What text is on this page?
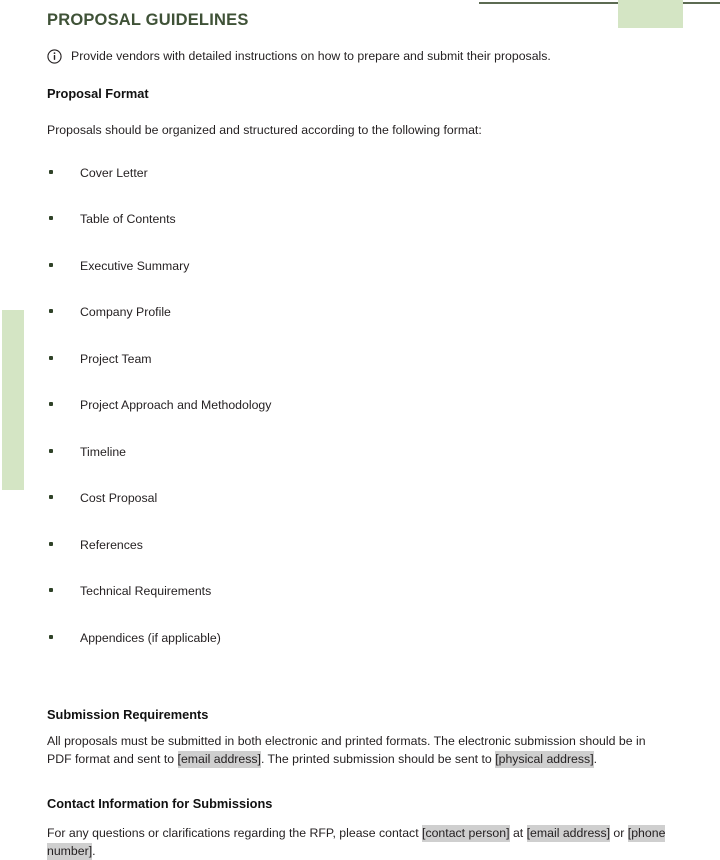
PROPOSAL GUIDELINES
Provide vendors with detailed instructions on how to prepare and submit their proposals.
Proposal Format

Proposals should be organized and structured according to the following format:

Cover Letter
Table of Contents
Executive Summary
Company Profile
Project Team
Project Approach and Methodology
Timeline
Cost Proposal
References
Technical Requirements
Appendices (if applicable)
Submission Requirements

All proposals must be submitted in both electronic and printed formats. The electronic submission should be in PDF format and sent to [email address]. The printed submission should be sent to [physical address].

Contact Information for Submissions

For any questions or clarifications regarding the RFP, please contact [contact person] at [email address] or [phone number].
